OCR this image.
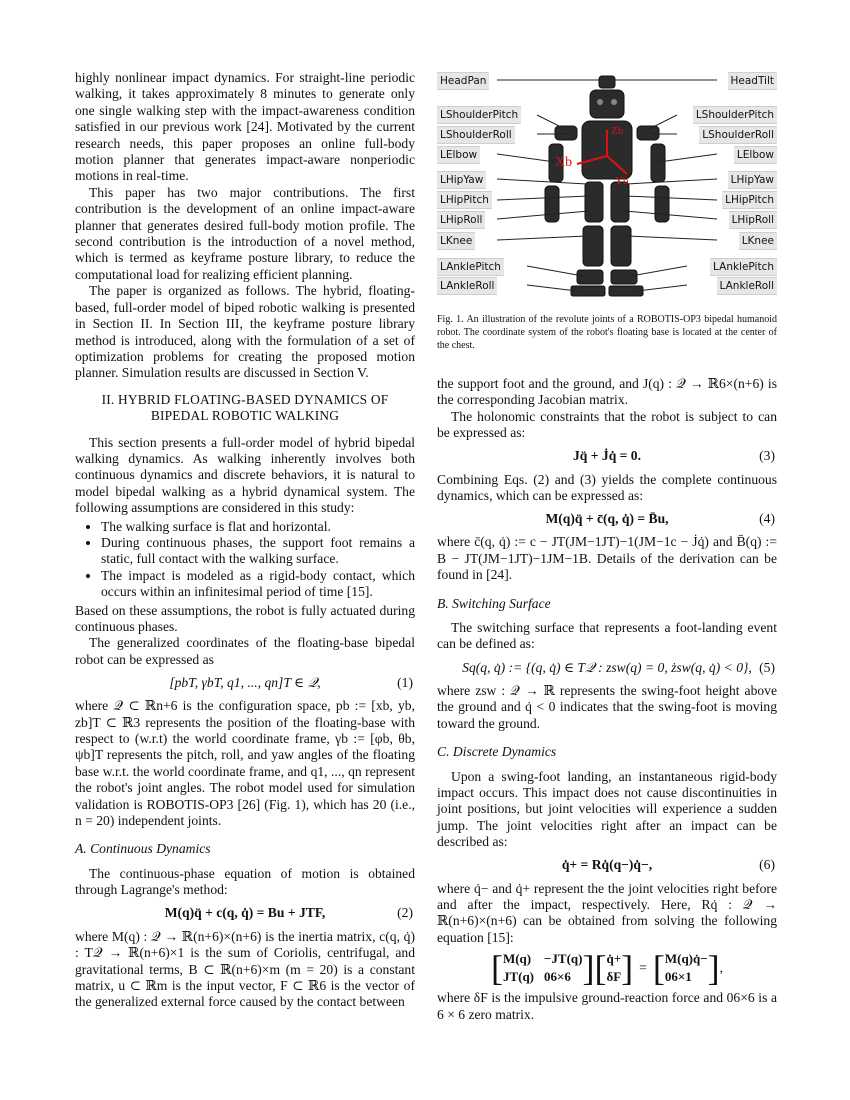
highly nonlinear impact dynamics. For straight-line periodic walking, it takes approximately 8 minutes to generate only one single walking step with the impact-awareness condition satisfied in our previous work [24]. Motivated by the current research needs, this paper proposes an online full-body motion planner that generates impact-aware nonperiodic motions in real-time.

This paper has two major contributions. The first contribution is the development of an online impact-aware planner that generates desired full-body motion profile. The second contribution is the introduction of a novel method, which is termed as keyframe posture library, to reduce the computational load for realizing efficient planning.

The paper is organized as follows. The hybrid, floating-based, full-order model of biped robotic walking is presented in Section II. In Section III, the keyframe posture library method is introduced, along with the formulation of a set of optimization problems for creating the proposed motion planner. Simulation results are discussed in Section V.

II. HYBRID FLOATING-BASED DYNAMICS OF BIPEDAL ROBOTIC WALKING

This section presents a full-order model of hybrid bipedal walking dynamics. As walking inherently involves both continuous dynamics and discrete behaviors, it is natural to model bipedal walking as a hybrid dynamical system. The following assumptions are considered in this study:

• The walking surface is flat and horizontal.
• During continuous phases, the support foot remains a static, full contact with the walking surface.
• The impact is modeled as a rigid-body contact, which occurs within an infinitesimal period of time [15].

Based on these assumptions, the robot is fully actuated during continuous phases.

The generalized coordinates of the floating-base bipedal robot can be expressed as

[pbT, γbT, q1, ..., qn]T ∈ 𝒬,	(1)

where 𝒬 ⊂ ℝn+6 is the configuration space, pb := [xb, yb, zb]T ⊂ ℝ3 represents the position of the floating-base with respect to (w.r.t) the world coordinate frame, γb := [φb, θb, ψb]T represents the pitch, roll, and yaw angles of the floating base w.r.t. the world coordinate frame, and q1, ..., qn represent the robot's joint angles. The robot model used for simulation validation is ROBOTIS-OP3 [26] (Fig. 1), which has 20 (i.e., n = 20) independent joints.

A. Continuous Dynamics

The continuous-phase equation of motion is obtained through Lagrange's method:

M(q)q̈ + c(q, q̇) = Bu + JTF,	(2)

where M(q) : 𝒬 → ℝ(n+6)×(n+6) is the inertia matrix, c(q, q̇) : T𝒬 → ℝ(n+6)×1 is the sum of Coriolis, centrifugal, and gravitational terms, B ⊂ ℝ(n+6)×m (m = 20) is a constant matrix, u ⊂ ℝm is the input vector, F ⊂ ℝ6 is the vector of the generalized external force caused by the contact between

Xb
Zb
Yb
HeadPan
LShoulderPitch
LShoulderRoll
LElbow
LHipYaw
LHipPitch
LHipRoll
LKnee
LAnklePitch
LAnkleRoll
HeadTilt
LShoulderPitch
LShoulderRoll
LElbow
LHipYaw
LHipPitch
LHipRoll
LKnee
LAnklePitch
LAnkleRoll
Fig. 1. An illustration of the revolute joints of a ROBOTIS-OP3 bipedal humanoid robot. The coordinate system of the robot's floating base is located at the center of the chest.

the support foot and the ground, and J(q) : 𝒬 → ℝ6×(n+6) is the corresponding Jacobian matrix.

The holonomic constraints that the robot is subject to can be expressed as:

Jq̈ + J̇q̇ = 0.	(3)

Combining Eqs. (2) and (3) yields the complete continuous dynamics, which can be expressed as:

M(q)q̈ + c̄(q, q̇) = B̄u,	(4)

where c̄(q, q̇) := c − JT(JM−1JT)−1(JM−1c − J̇q̇) and B̄(q) := B − JT(JM−1JT)−1JM−1B. Details of the derivation can be found in [24].

B. Switching Surface

The switching surface that represents a foot-landing event can be defined as:

Sq(q, q̇) := {(q, q̇) ∈ T𝒬 : zsw(q) = 0, żsw(q, q̇) < 0}, (5)

where zsw : 𝒬 → ℝ represents the swing-foot height above the ground and q̇ < 0 indicates that the swing-foot is moving toward the ground.

C. Discrete Dynamics

Upon a swing-foot landing, an instantaneous rigid-body impact occurs. This impact does not cause discontinuities in joint positions, but joint velocities will experience a sudden jump. The joint velocities right after an impact can be described as:

q̇+ = Rq̇(q−)q̇−,	(6)

where q̇− and q̇+ represent the the joint velocities right before and after the impact, respectively. Here, Rq̇ : 𝒬 → ℝ(n+6)×(n+6) can be obtained from solving the following equation [15]:

[ M(q) −JT(q)
JT(q) 06×6 ] [ q̇+
δF ] = [ M(q)q̇−
06×1 ] ,

where δF is the impulsive ground-reaction force and 06×6 is a 6 × 6 zero matrix.
